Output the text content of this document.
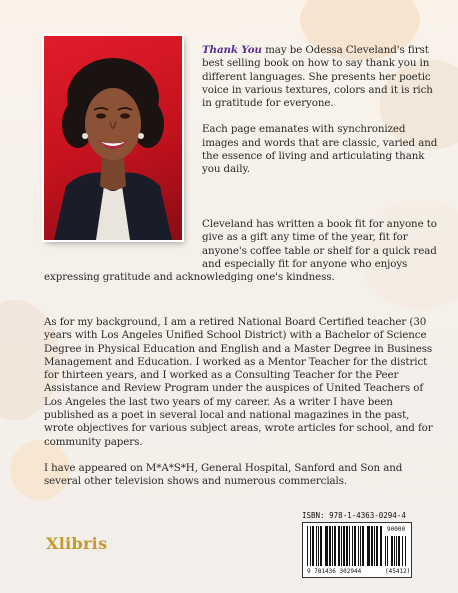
Thank You may be Odessa Cleveland's first best selling book on how to say thank you in different languages. She presents her poetic voice in various textures, colors and it is rich in gratitude for everyone.

Each page emanates with synchronized images and words that are classic, varied and the essence of living and articulating thank you daily.

Cleveland has written a book fit for anyone to give as a gift any time of the year, fit for anyone's coffee table or shelf for a quick read and especially fit for anyone who enjoys expressing gratitude and acknowledging one's kindness.

As for my background, I am a retired National Board Certified teacher (30 years with Los Angeles Unified School District) with a Bachelor of Science Degree in Physical Education and English and a Master Degree in Business Management and Education. I worked as a Mentor Teacher for the district for thirteen years, and I worked as a Consulting Teacher for the Peer Assistance and Review Program under the auspices of United Teachers of Los Angeles the last two years of my career. As a writer I have been published as a poet in several local and national magazines in the past, wrote objectives for various subject areas, wrote articles for school, and for community papers.

I have appeared on M*A*S*H, General Hospital, Sanford and Son and several other television shows and numerous commercials.

Xlibris
ISBN: 978-1-4363-0294-4
90000
9 781436 302944	(45412)
